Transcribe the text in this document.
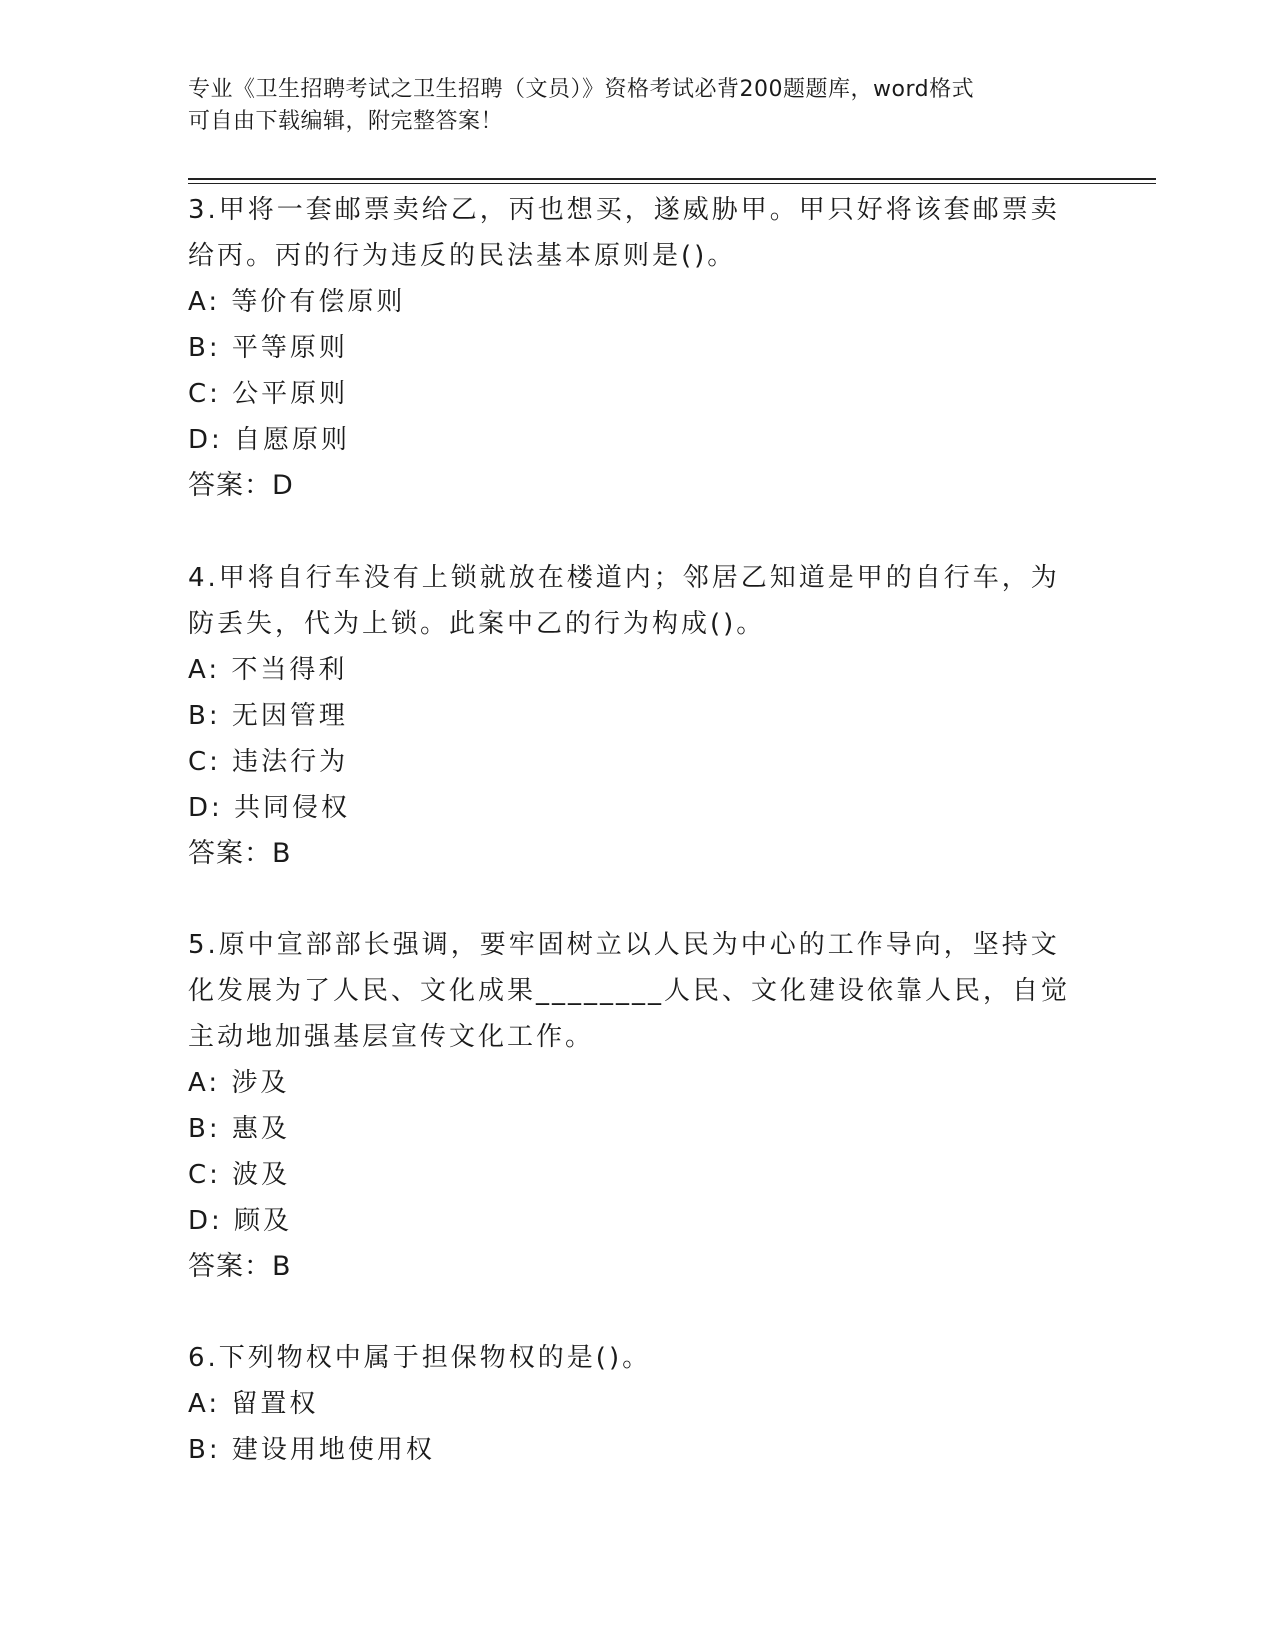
专业《卫生招聘考试之卫生招聘（文员）》资格考试必背200题题库，word格式
可自由下载编辑，附完整答案！
3.甲将一套邮票卖给乙，丙也想买，遂威胁甲。甲只好将该套邮票卖
给丙。丙的行为违反的民法基本原则是()。
A: 等价有偿原则
B: 平等原则
C: 公平原则
D: 自愿原则
答案：D
4.甲将自行车没有上锁就放在楼道内；邻居乙知道是甲的自行车，为
防丢失，代为上锁。此案中乙的行为构成()。
A: 不当得利
B: 无因管理
C: 违法行为
D: 共同侵权
答案：B
5.原中宣部部长强调，要牢固树立以人民为中心的工作导向，坚持文
化发展为了人民、文化成果________人民、文化建设依靠人民，自觉
主动地加强基层宣传文化工作。
A: 涉及
B: 惠及
C: 波及
D: 顾及
答案：B
6.下列物权中属于担保物权的是()。
A: 留置权
B: 建设用地使用权
